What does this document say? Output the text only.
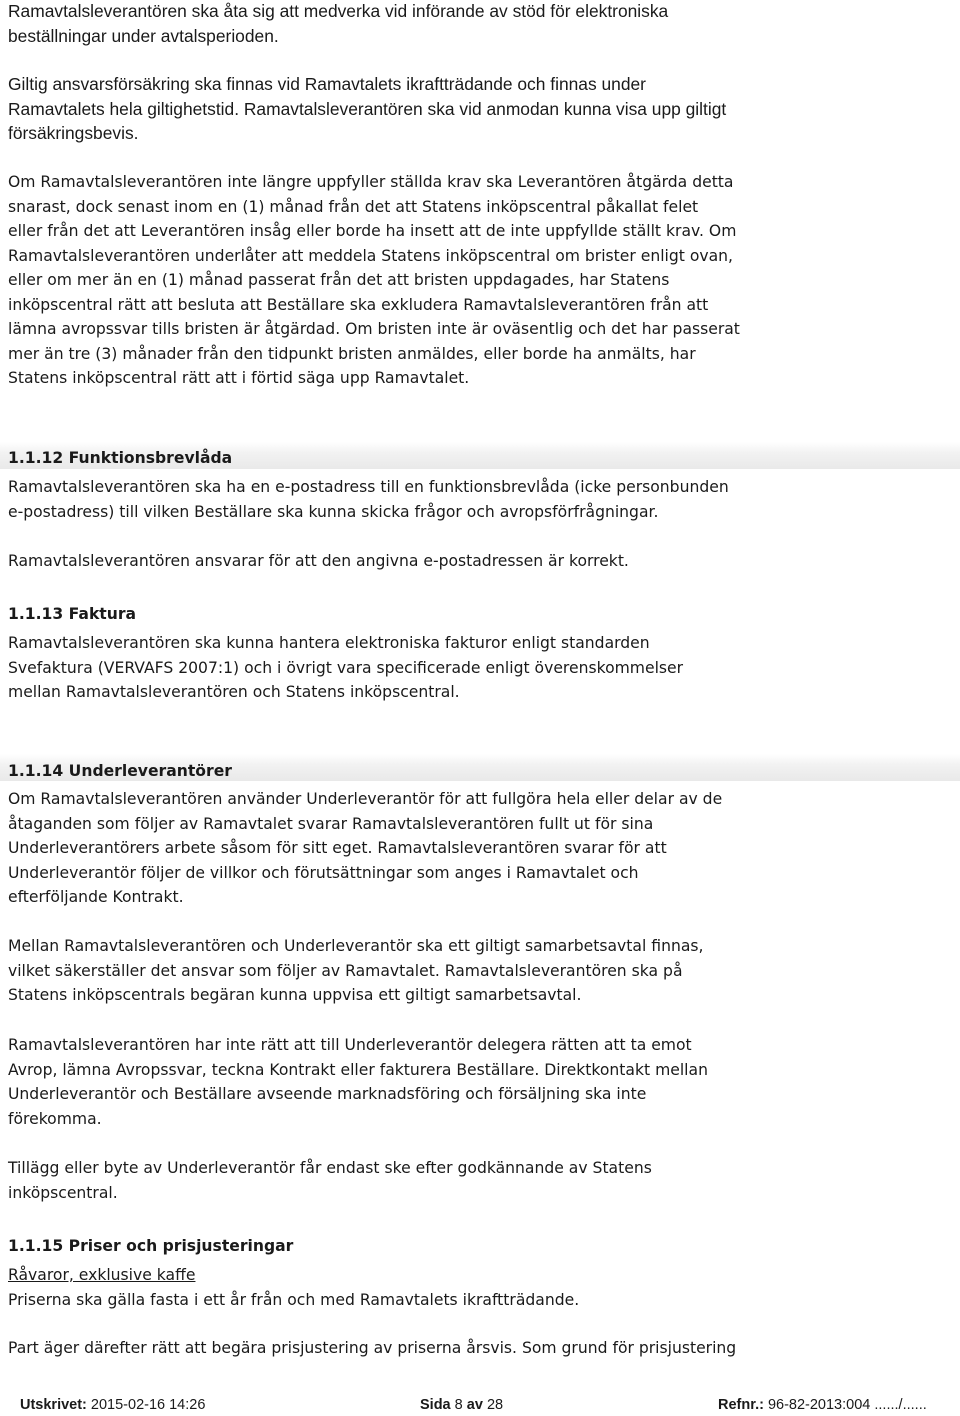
Ramavtalsleverantören ska åta sig att medverka vid införande av stöd för elektroniska
beställningar under avtalsperioden.
Giltig ansvarsförsäkring ska finnas vid Ramavtalets ikraftträdande och finnas under
Ramavtalets hela giltighetstid. Ramavtalsleverantören ska vid anmodan kunna visa upp giltigt
försäkringsbevis.
Om Ramavtalsleverantören inte längre uppfyller ställda krav ska Leverantören åtgärda detta
snarast, dock senast inom en (1) månad från det att Statens inköpscentral påkallat felet
eller från det att Leverantören insåg eller borde ha insett att de inte uppfyllde ställt krav. Om
Ramavtalsleverantören underlåter att meddela Statens inköpscentral om brister enligt ovan,
eller om mer än en (1) månad passerat från det att bristen uppdagades, har Statens
inköpscentral rätt att besluta att Beställare ska exkludera Ramavtalsleverantören från att
lämna avropssvar tills bristen är åtgärdad. Om bristen inte är oväsentlig och det har passerat
mer än tre (3) månader från den tidpunkt bristen anmäldes, eller borde ha anmälts, har
Statens inköpscentral rätt att i förtid säga upp Ramavtalet.
1.1.12 Funktionsbrevlåda
Ramavtalsleverantören ska ha en e-postadress till en funktionsbrevlåda (icke personbunden
e-postadress) till vilken Beställare ska kunna skicka frågor och avropsförfrågningar.
Ramavtalsleverantören ansvarar för att den angivna e-postadressen är korrekt.
1.1.13 Faktura
Ramavtalsleverantören ska kunna hantera elektroniska fakturor enligt standarden
Svefaktura (VERVAFS 2007:1) och i övrigt vara specificerade enligt överenskommelser
mellan Ramavtalsleverantören och Statens inköpscentral.
1.1.14 Underleverantörer
Om Ramavtalsleverantören använder Underleverantör för att fullgöra hela eller delar av de
åtaganden som följer av Ramavtalet svarar Ramavtalsleverantören fullt ut för sina
Underleverantörers arbete såsom för sitt eget. Ramavtalsleverantören svarar för att
Underleverantör följer de villkor och förutsättningar som anges i Ramavtalet och
efterföljande Kontrakt.
Mellan Ramavtalsleverantören och Underleverantör ska ett giltigt samarbetsavtal finnas,
vilket säkerställer det ansvar som följer av Ramavtalet. Ramavtalsleverantören ska på
Statens inköpscentrals begäran kunna uppvisa ett giltigt samarbetsavtal.
Ramavtalsleverantören har inte rätt att till Underleverantör delegera rätten att ta emot
Avrop, lämna Avropssvar, teckna Kontrakt eller fakturera Beställare. Direktkontakt mellan
Underleverantör och Beställare avseende marknadsföring och försäljning ska inte
förekomma.
Tillägg eller byte av Underleverantör får endast ske efter godkännande av Statens
inköpscentral.
1.1.15 Priser och prisjusteringar
Råvaror, exklusive kaffe
Priserna ska gälla fasta i ett år från och med Ramavtalets ikraftträdande.
Part äger därefter rätt att begära prisjustering av priserna årsvis. Som grund för prisjustering
Utskrivet: 2015-02-16 14:26	Sida 8 av 28	Refnr.: 96-82-2013:004 ....../......
